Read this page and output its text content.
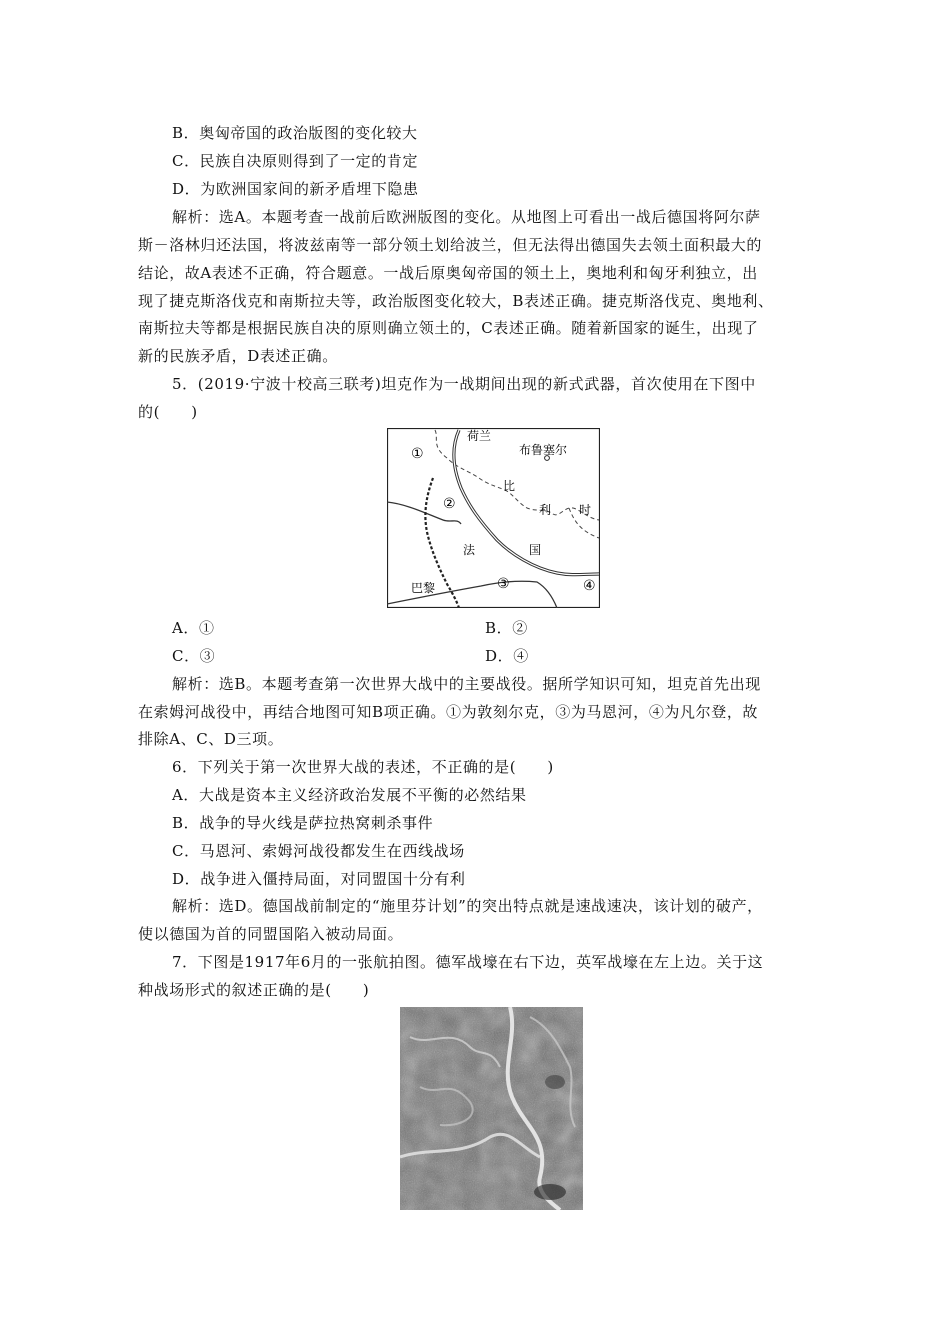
B．奥匈帝国的政治版图的变化较大
C．民族自决原则得到了一定的肯定
D．为欧洲国家间的新矛盾埋下隐患
解析：选A。本题考查一战前后欧洲版图的变化。从地图上可看出一战后德国将阿尔萨
斯－洛林归还法国，将波兹南等一部分领土划给波兰，但无法得出德国失去领土面积最大的
结论，故A表述不正确，符合题意。一战后原奥匈帝国的领土上，奥地利和匈牙利独立，出
现了捷克斯洛伐克和南斯拉夫等，政治版图变化较大，B表述正确。捷克斯洛伐克、奥地利、
南斯拉夫等都是根据民族自决的原则确立领土的，C表述正确。随着新国家的诞生，出现了
新的民族矛盾，D表述正确。
5．(2019·宁波十校高三联考)坦克作为一战期间出现的新式武器，首次使用在下图中
的(　　)
荷兰
布鲁塞尔
比
利 时
法	国
巴黎
①
②
③	④
A．①	B．②
C．③	D．④
解析：选B。本题考查第一次世界大战中的主要战役。据所学知识可知，坦克首先出现
在索姆河战役中，再结合地图可知B项正确。①为敦刻尔克，③为马恩河，④为凡尔登，故
排除A、C、D三项。
6．下列关于第一次世界大战的表述，不正确的是(　　)
A．大战是资本主义经济政治发展不平衡的必然结果
B．战争的导火线是萨拉热窝刺杀事件
C．马恩河、索姆河战役都发生在西线战场
D．战争进入僵持局面，对同盟国十分有利
解析：选D。德国战前制定的“施里芬计划”的突出特点就是速战速决，该计划的破产，
使以德国为首的同盟国陷入被动局面。
7．下图是1917年6月的一张航拍图。德军战壕在右下边，英军战壕在左上边。关于这
种战场形式的叙述正确的是(　　)
